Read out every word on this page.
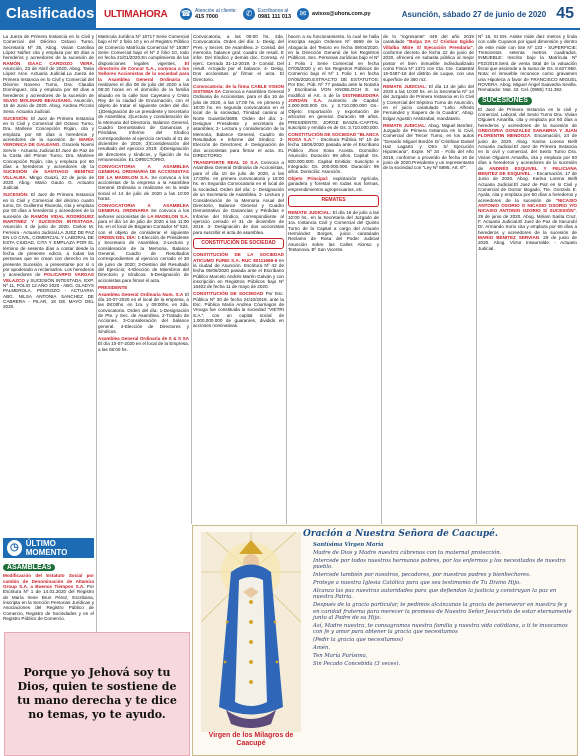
Clasificados ULTIMAHORA	☎ Atención al cliente:
415 7000	✆	Escríbanos al
0981 111 013	✉	avisos@uhora.com.py	Asunción, sábado 27 de junio de 2020 45

La Jueza de Primera Instancia en lo Civil y Comercial del Décimo Octavo Turno, Secretaría Nº 35, Abog. Vivian Carolina López Núñez cita y emplaza por 60 días a herederos y acreedores de la sucesión de RAMÓN ISAAC CARDOZO VERA. Asunción, 23 de Abril de 2020. Abog. Tania Lòpez Arce. Actuaria Judicial.La Jueza de Primera Instancia en lo Civil y Comercial del Décimo Noveno Turno, Dra. Claudia Domínguez, cita y emplaza por 60 días a herederos y acreedores de la sucesión de SILVIO MOLINARI BEAUSANG. Asunción, 16 de Junio de 2020. Abog. Andrea Piccolo Sena. Actuaria Judicial.

SUCESIÓN: El Juez de Primera Instancia en lo Civil y Comercial del Octavo Turno, Dra. Marlene Concepción Roján, cita y emplaza por 60 días a herederos y acreedores de la sucesión de MARÍA VERONICA DE GALEANO. Graciela Noemi Servín - Actuaria Judicial.El Juez de Paz de la Costa del Primer Turno, Dra. Marlene Concepción Roján, cita y emplaza por 60 días a herederos y acreedores de la SUCESIÓN de SANTIAGO BENÍTEZ VILLALBA. Mingo Guazú, 22 de junio de 2020. Abog. Mario Gauto G. Actuario Judicial.

SUCESIÓN: El Juez de Primera Instancia en lo Civil y Comercial del décimo cuarto turno, Dr. Guillermo Rivarola, cita y emplaza por 60 días a herederos y acreedores de la sucesión de RAMÓN VIDAL RODRÍGUEZ MARTINEZ Y SUCESIÓN INTESTADA. Asunción 4 de junio de 2020. Carlos M. Ferreira - Actuario Judicial.LA JUEZ DE PAZ EN LO CIVIL, COMERCIAL Y LABORAL DE ESTA CIUDAD, CITA Y EMPLAZA POR EL término de sesenta días a contar desde la fecha de presente edicto, a todas las personas que se crean con derecho en la presente Sucesión, a presentarse por sí o por apoderado a reclamarlos. Los herederos y acreedores de POLICARPO VARGAS VELAZCO y SUCESIÓN INTESTADA, EXP. Nº 11, FOLIO 12 AÑO 2020 - ABG. GLADYS PALMEROLA. PEDROZO - ACTUARIA ABG. NILSA ANTONIA SANCHEZ DE CABRERA - PILAR, 18 DE MAYO DEL 2020.

Matricula Jurídica Nº 18717 Serie Comercial bajo el Nº 2 folio 10 y en el Registro Público de Comercio Matrícula Comercial Nº 19387 Serie Comercial bajo el Nº 2 folio 10, todo en fecha 21/01/2020.En cumplimiento de las disposiciones legales vigentes, El directorio de Concor S.A., convoca a los Señores Accionistas de la sociedad para la Asamblea General Ordinaria a realizarse el día 08 de julio del 2020 a las 08:30 horas en el domicilio de la familia situado en la calle San Cayetano y Cristo Rey de la ciudad de Encarnación, con el objeto de tratar el siguiente orden del día: 1)Designación de un presidente y Secretario de Asamblea; 2)Lectura y consideración de la Memoria del Directorio, Balance General, Cuadro Demostrativo de Ganancias y Pérdidas, Informe del Síndico correspondiente al ejercicio cerrado al 31 de diciembre de 2019; 3)Consideración del resultado del ejercicio 2019; 4)Designación de directores y síndicos, y fijación de su remuneración. EL DIRECTORIO.

CONVOCATORIA A ASAMBLEA GENERAL ORDINARIA DE ACCIONISTAS DE LA MADELON S.A. Se convoca a los accionistas de la empresa a la Asamblea General Ordinaria a realizarse en la sede social el 14 de julio de 2020 a las 10:00 horas.

CONVOCATORIA A ASAMBLEA GENERAL ORDINARIA Se convoca a los señores accionistas de LA MADELON S.A. para el día 14 de julio de 2020 a las 11:00 hs. en el local de Bogaran Contador Nº 524, con el objeto de considerar el siguiente ORDEN DEL DÍA: 1-Elección de Presidente y Secretario de Asamblea; 2-Lectura y consideración de la Memoria, Balance General, Cuadro de Resultados correspondientes al ejercicio cerrado el 30 de junio de 2020; 3-Destino del Resultado del Ejercicio; 4-Elección de Miembros del Directorio y Síndicos. 5-Designación de accionistas para firmar el acta.

PRESIDENTE

Asamblea General Ordinaria Num. S.A El día 10-07-2020 en el local de la empresa, a las 08:00hs. en 1ra. y 09:00hs. en 2da. convocatoria. Orden del día: 1-Designación de Pte. y Sec. de Asamblea. 2-Tratado de Acciones. 3-Consideración del balance general. 4-Elección de Directores y Síndicos.

Asamblea General Ordinaria de S & S SA El día 10-07-2020 en el local de la Empresa, a las 08:00 hs.

Convocatoria, a las 09:00 hs. 2da. Convocatoria. Orden del día: 1- Desig. del Pres. y Secret. De Asamblea. 2- Consid. del memoria, balance gral. cuadro de result. E infor. Del Síndico y demás doc. Corresp. Al ejerc. Cerrado 31-12-2019. 3- Consid. Del result. Arrojado por el balance. 4- Desig. Dos accionistas p/ firmar el acta. El Directorio.

Convocatoria: de la firma CABLE VISION SISTEMA SA Convoca a Asamblea General Ordinaria de Accionistas, para el día 16 de julio de 2020, a las 17:00 hs. en primera y 18:00 hs. en segunda convocatoria en el local de la sociedad, Trinidad camino al Norte Guambe/3689. Orden del día: 1- Designar Presidente y secretario de asamblea; 2- Lectura y consideración de la Memoria, Balance General, Cuadro de Resultados e Informe del Síndico; 3- Elección de Directores; 4- Designación de dos accionistas para firmar el acta. EL DIRECTORIO.

TRANSPORTE REAL 10 S.A Convoca a Asamblea General Ordinaria de Accionistas, para el día 10 de julio de 2020, a las 17:00hs. en primera convocatoria y 18:00 hs. en Segunda Convocatoria en el local de la sociedad. Orden del día: 1- Designación de un Secretario de Asamblea. 2- Lectura y Consideración de la Memoria Anual del Directorio, Balance General y Cuadro Demostrativo de Ganancias y Pérdidas e Informe del Síndico, correspondiente al ejercicio cerrado el 31 de diciembre de 2019. 3- Designación de dos accionistas para suscribir el acta de asamblea.

CONSTITUCIÓN DE SOCIEDAD

CONSTITUCIÓN DE LA SOCIEDAD ATICUMO FUREI S.A. RUC 80111666-6 en la ciudad de Asunción. Escritura Nº 42 de fecha 05/06/2020 pasada ante el Escribano Público Marcelo Andrés Martín Galván y con inscripción en Registros Públicos bajo Nº 16402 de fecha 11 de mayo de 2020.

CONSTITUCIÓN DE SOCIEDAD Por Esc. Pública Nº 30 de fecha 24/10/2019, ante la Esc. Pública María Andrea Cóurriagos de Vrouga fue constituida la sociedad "VIETRI S.A.", con un capital social de 1.000.000.000 de guaraníes, dividido en acciones nominativas.

hacen a su funcionamiento. la cual se halla inscripta según Ordenes Nº 6669 de la Abogacía del Tesoro en fecha 09/04/2020, en la Dirección General de los Registros Públicos, Sec. Personas Jurídicas bajo el Nº 1 Folio 1 Serie Comercial en fecha 07/05/2020 y en los Registros Públicos de Comercio bajo el Nº 1 Folio 1 en fecha 07/05/2020.EXTRACTO DE ESTATUTOS: Por Esc. Púb. Nº 77 pasada ante la Notaría y Escribanía VON KNOBLOCH E. se modificó el Art. 4 de la DISTRIBUIDORA JORDÁN S.A. Aumento de Capital: 2.000.000.000 Gs. y 3.710.000.000 Gs.- Objeto: Importación y exportación de artículos en general. Duración 99 años. PRESIDENTE: JORGE BASZIL-CAPITAL suscripto y emitido es de Gs. 3.710.000.000.

CONSTITUCIÓN DE SOCIEDAD "BLANCA ROSA S.A." - Escritura Pública Nº 10 de fecha 18/06/2020 pasada ante el Escribano Público Jhon Sosa Acosta. Domicilio: Asunción. Duración: 99 años. Capital: Gs. 800.000.000. Capital Emitido: Suscripto e Integrado: Gs. 200.000.000. Duración: 99 años. Domicilio: Asunción.

Objeto Principal: explotación Agrícola, ganadera y forestal en todas sus formas, emprendimientos agropecuarios, etc.

REMATES

REMATE JUDICIAL: El día 16 de julio a las 10:00 hs., en la Secretaría del Juzgado de 1ra. Instancia Civil y Comercial del Quinto Turno de la Capital a cargo del Actuario Hernández Borges, juicio caratulado Reclamo de Rosa del Poder Judicial Asunción sobre las Calles Alonso y Testanova, Bº San Vicente.

de lo "ingresante" 449 del año 2019 caratulado "Bolpa SA C/ Cristian Egidio Villalba Mitre S/ Ejecución Prendaria", conforme decreto de fecha 22 de junio de 2020, ofrecerá en subasta pública al mejor postor el bien inmueble individualizado como Finca Nº 1371 con Cta. Cte. Catastral 15-0487-18 del distrito de Luque, con una superficie de 360 m2.

REMATE JUDICIAL: El día 14 de julio del 2020 a las 10:00 hs. en la Secretaría Nº 14 del Juzgado de Primera Instancia en lo Civil y Comercial del Séptimo Turno de Asunción, en el juicio caratulado "Lelio Alfredo Fernández y Siapero de la Cuadra", Abog. Edgar Agustín Aristizabal, mandatario.

REMATE JUDICIAL: Abog. Miguel Benítez, Juzgado de Primera Instancia en lo Civil, Comercial del Tercer Turno, en los autos "Gerardo Miguel Bordón D/ Cristhian Daniel Haz Lagarto y Otro S/ Ejecución Hipotecaria", Expte. Nº 34 - Folio del Año 2018, conforme a proveído de fecha 16 de junio de 2020.Presidente y un representante de la sociedad con "Ley Nº 5895, Art. 6º".

Nº 16, SI EN. Asiste mide diez metros y linda con calle Cuyanos por igual dimensión y dentro de este mide con lote Nº 133 - SUPERFICIE: Trescientos setenta metros cuadrados. INMUEBLE: Inscrito bajo la Matrícula Nº F02/2019.Será de venta total de la valuación fiscal que asciende a la suma de Gs. 8.627.950. Nota: el inmueble reconoce como gravamen una Hipoteca a favor de FRANCISCO MIGUEL ROVERA. Abog. Miguel Ángel Saavedra Sevilla. Rematador. Mat. 43. Cel. (0985) 741.392.

SUCESIONES

El Juez de Primera Instancia en lo civil y comercial, Laboral, del Sexto Turno Dra. Vivian Olguiers Amarilla, cita y emplaza por 60 días a herederos y acreedores de la sucesión de GREGORIA GONZALEZ SANABRIA Y JUAN FLORENTIN MENDOZA. Encarnación, 24 de junio de 2020. Abog. Karina Lorena Bellt Actuaria Judicial.El Juez de Primera Instancia en lo civil y comercial, del Sexto Turno Dra. Vivian Olguiers Amarilla, cita y emplaza por 60 días a herederos y acreedores de la sucesión de ANDRÉS ESQUIVEL Y FELICIANA BENITEZ DE ESQUIVEL. - Encarnación, 17 de Junio de 2020. Abog. Karina Lorena Bellt Actuaria Judicial.El Juez de Paz en lo Civil y Comercial de Doctor Bogado, Tte. Gonzalo E. Ayala, cita y emplaza por 60 días a herederos y acreedores de la sucesión de "NICASIO ANTONIO OSORIO O NICASIO OSORIO Y/O NICASIO ANTONIO OZORIO S/ SUCESIÓN". 29 de junio de 2020. Abog. Miriam Sarita Cruz. F. Actuaria Judicial.El Juez de Paz de Itacurubí Dr. Armando Sorio cita y emplaza por 60 días a herederos y acreedores de la sucesión de MARIO BENITEZ SERVIAN. 29 de junio de 2020. Abog. Victor Insaurralde. - Actuario Judicial.

◷ ÚLTIMO MOMENTO
ASAMBLEAS

Modificación del Estatuto Social por cambio de Denominación de Altamira Group S.A. a Buenos Tiempos S.A. Por Escritura Nº 1 de 14.01.2020 del Registro de María Irene Brun Pérez, Escribana, inscripta en la Sección Personas Jurídicas y Asociaciones del Registro Público de Comercio, Registro de Sociedades y en el Registro Público de Comercio.

Porque yo Jehová soy tu Dios, quien te sostiene de tu mano derecha y te dice no temas, yo te ayudo.
Virgen de los Milagros de Caacupé
Oración a Nuestra Señora de Caacupé.

Santísima Virgen María

Madre de Dios y Madre nuestra cúbrenos con tu maternal protección.

Intercede por todos nuestros hermanos pobres, por los enfermos y los necesitados de nuestro pueblo.

Intercede también por nosotros, pecadores, por nuestros padres y bienhechores.

Protege a nuestra Iglesia Católica para que sea testimonio de Tu Divino Hijo.

Alcanza las paz nuestras autoridades para que defiendan la justicia y construyan la paz en nuestra Patria.

Después de la gracia particular, te pedimos alcánzanos la gracia de perseverar en nuestra fe y en caridad fraterna para merecer la promesa de Nuestro Señor Jesucristo de estar eternamente junto al Padre de su Hijo.

Así, Madre nuestra, te consagramos nuestra familia y nuestra vida cotidiana, a ti te invocamos con fe y amor para obtener la gracia que necesitamos

(Pedir la gracia que necesitamos)

Amén.

Ten María Purísima,

Sin Pecado Concebida (3 veces).
